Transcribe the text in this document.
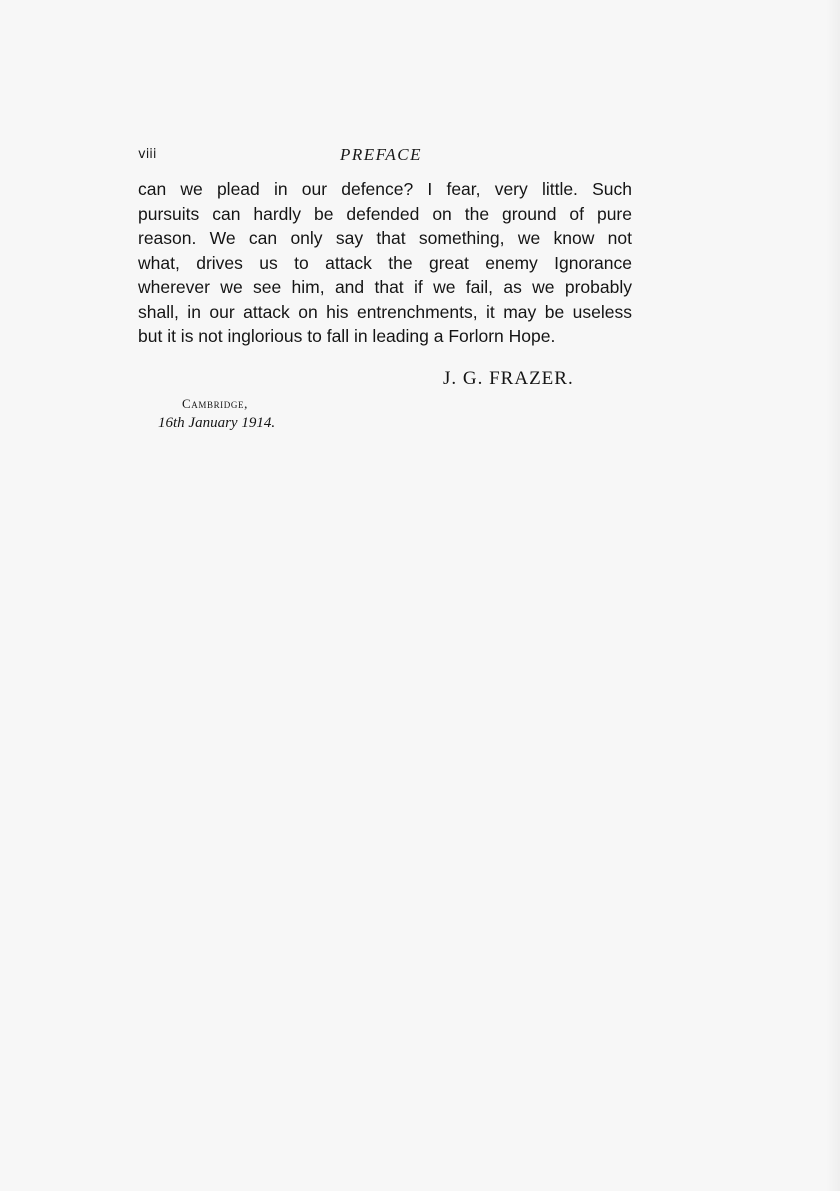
viii	PREFACE
can we plead in our defence? I fear, very little. Such
pursuits can hardly be defended on the ground of pure
reason. We can only say that something, we know not
what, drives us to attack the great enemy Ignorance
wherever we see him, and that if we fail, as we probably
shall, in our attack on his entrenchments, it may be useless
but it is not inglorious to fall in leading a Forlorn Hope.
J. G. FRAZER.
Cambridge,
16th January 1914.
